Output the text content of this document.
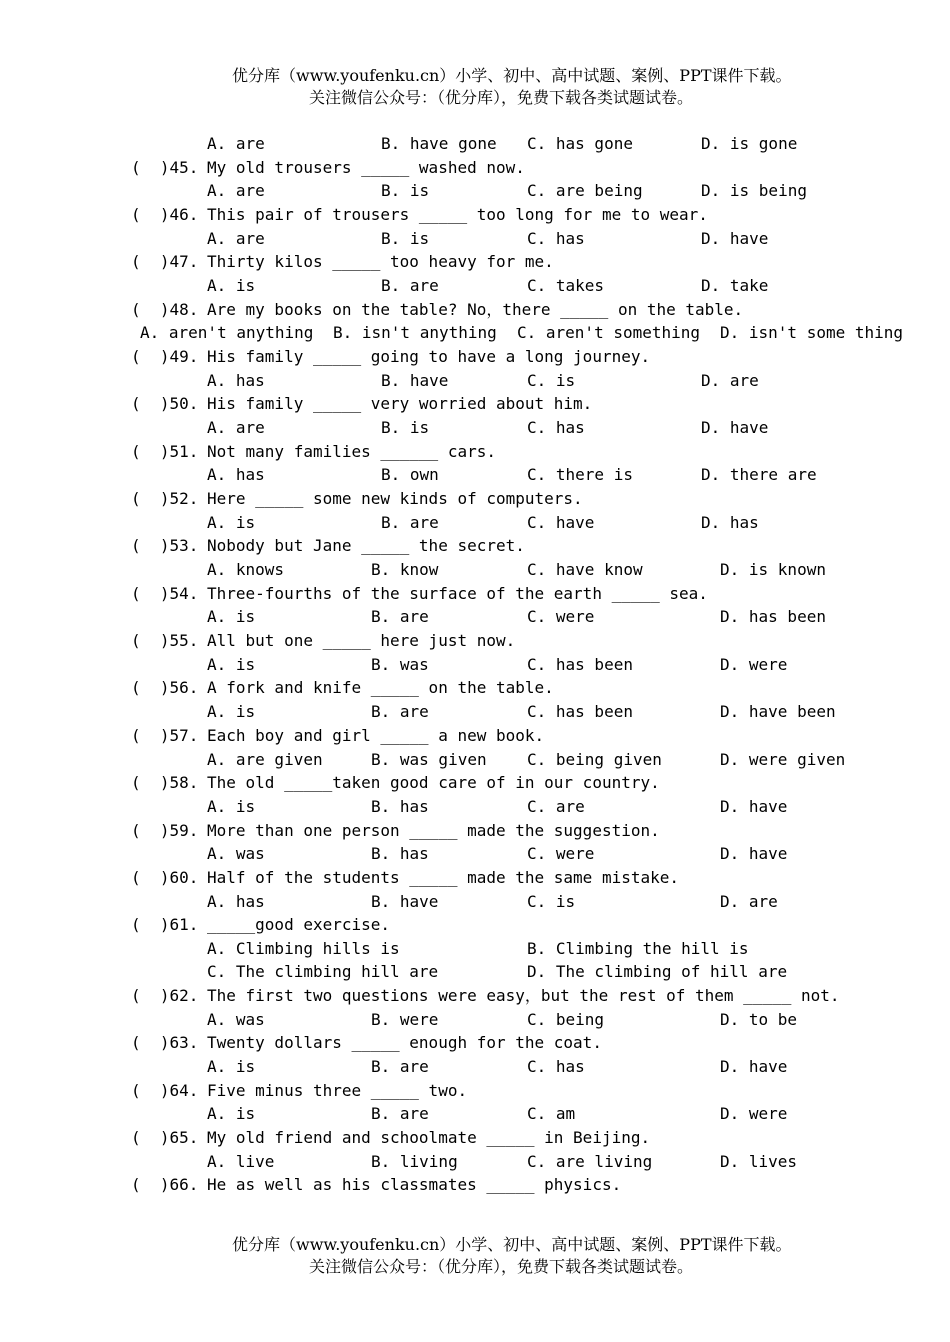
优分库（www.youfenku.cn）小学、初中、高中试题、案例、PPT课件下载。

关注微信公众号：（优分库），免费下载各类试题试卷。

A. are	B. have gone C. has gone	D. is gone
(  )45. My old trousers _____ washed now.
A. are	B. is	C. are being	D. is being
(  )46. This pair of trousers _____ too long for me to wear.
A. are	B. is	C. has	D. have
(  )47. Thirty kilos _____ too heavy for me.
A. is	B. are	C. takes	D. take
(  )48. Are my books on the table? No，there _____ on the table.
A. aren't anything B. isn't anything C. aren't something D. isn't some thing
(  )49. His family _____ going to have a long journey.
A. has	B. have	C. is	D. are
(  )50. His family _____ very worried about him.
A. are	B. is	C. has	D. have
(  )51. Not many families ______ cars.
A. has	B. own	C. there is	D. there are
(  )52. Here _____ some new kinds of computers.
A. is	B. are	C. have	D. has
(  )53. Nobody but Jane _____ the secret.
A. knows	B. know	C. have know	D. is known
(  )54. Three-fourths of the surface of the earth _____ sea.
A. is	B. are	C. were	D. has been
(  )55. All but one _____ here just now.
A. is	B. was	C. has been	D. were
(  )56. A fork and knife _____ on the table.
A. is	B. are	C. has been	D. have been
(  )57. Each boy and girl _____ a new book.
A. are given	B. was given	C. being given	D. were given
(  )58. The old _____taken good care of in our country.
A. is	B. has	C. are	D. have
(  )59. More than one person _____ made the suggestion.
A. was	B. has	C. were	D. have
(  )60. Half of the students _____ made the same mistake.
A. has	B. have	C. is	D. are
(  )61. _____good exercise.
A. Climbing hills is	B. Climbing the hill is
C. The climbing hill are	D. The climbing of hill are
(  )62. The first two questions were easy，but the rest of them _____ not.
A. was	B. were	C. being	D. to be
(  )63. Twenty dollars _____ enough for the coat.
A. is	B. are	C. has	D. have
(  )64. Five minus three _____ two.
A. is	B. are	C. am	D. were
(  )65. My old friend and schoolmate _____ in Beijing.
A. live	B. living	C. are living	D. lives
(  )66. He as well as his classmates _____ physics.

优分库（www.youfenku.cn）小学、初中、高中试题、案例、PPT课件下载。

关注微信公众号：（优分库），免费下载各类试题试卷。
